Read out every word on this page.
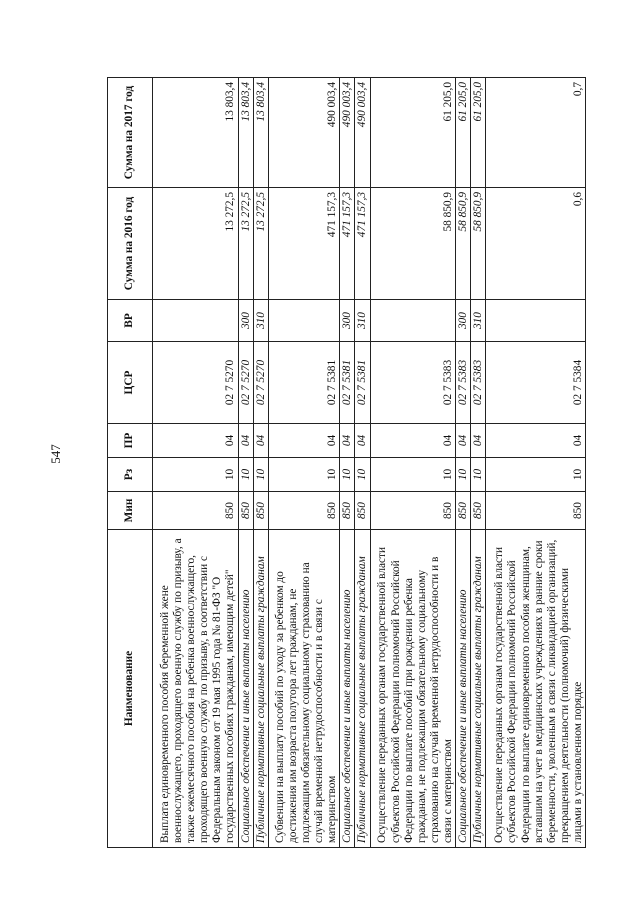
547
Наименование	Мин	Рз	ПР	ЦСР	ВР	Сумма на 2016 год	Сумма на 2017 год
Выплата единовременного пособия беременной жене военнослужащего, проходящего военную службу по призыву, а также ежемесячного пособия на ребенка военнослужащего, проходящего военную службу по призыву, в соответствии с Федеральным законом от 19 мая 1995 года № 81-ФЗ "О государственных пособиях гражданам, имеющим детей"	850	10	04	02 7 5270		13 272,5	13 803,4
Социальное обеспечение и иные выплаты населению	850	10	04	02 7 5270	300	13 272,5	13 803,4
Публичные нормативные социальные выплаты гражданам	850	10	04	02 7 5270	310	13 272,5	13 803,4
Субвенции на выплату пособий по уходу за ребенком до достижения им возраста полутора лет гражданам, не подлежащим обязательному социальному страхованию на случай временной нетрудоспособности и в связи с материнством	850	10	04	02 7 5381		471 157,3	490 003,4
Социальное обеспечение и иные выплаты населению	850	10	04	02 7 5381	300	471 157,3	490 003,4
Публичные нормативные социальные выплаты гражданам	850	10	04	02 7 5381	310	471 157,3	490 003,4
Осуществление переданных органам государственной власти субъектов Российской Федерации полномочий Российской Федерации по выплате пособий при рождении ребенка гражданам, не подлежащим обязательному социальному страхованию на случай временной нетрудоспособности и в связи с материнством	850	10	04	02 7 5383		58 850,9	61 205,0
Социальное обеспечение и иные выплаты населению	850	10	04	02 7 5383	300	58 850,9	61 205,0
Публичные нормативные социальные выплаты гражданам	850	10	04	02 7 5383	310	58 850,9	61 205,0
Осуществление переданных органам государственной власти субъектов Российской Федерации полномочий Российской Федерации по выплате единовременного пособия женщинам, вставшим на учет в медицинских учреждениях в ранние сроки беременности, уволенным в связи с ликвидацией организаций, прекращением деятельности (полномочий) физическими лицами в установленном порядке	850	10	04	02 7 5384		0,6	0,7
